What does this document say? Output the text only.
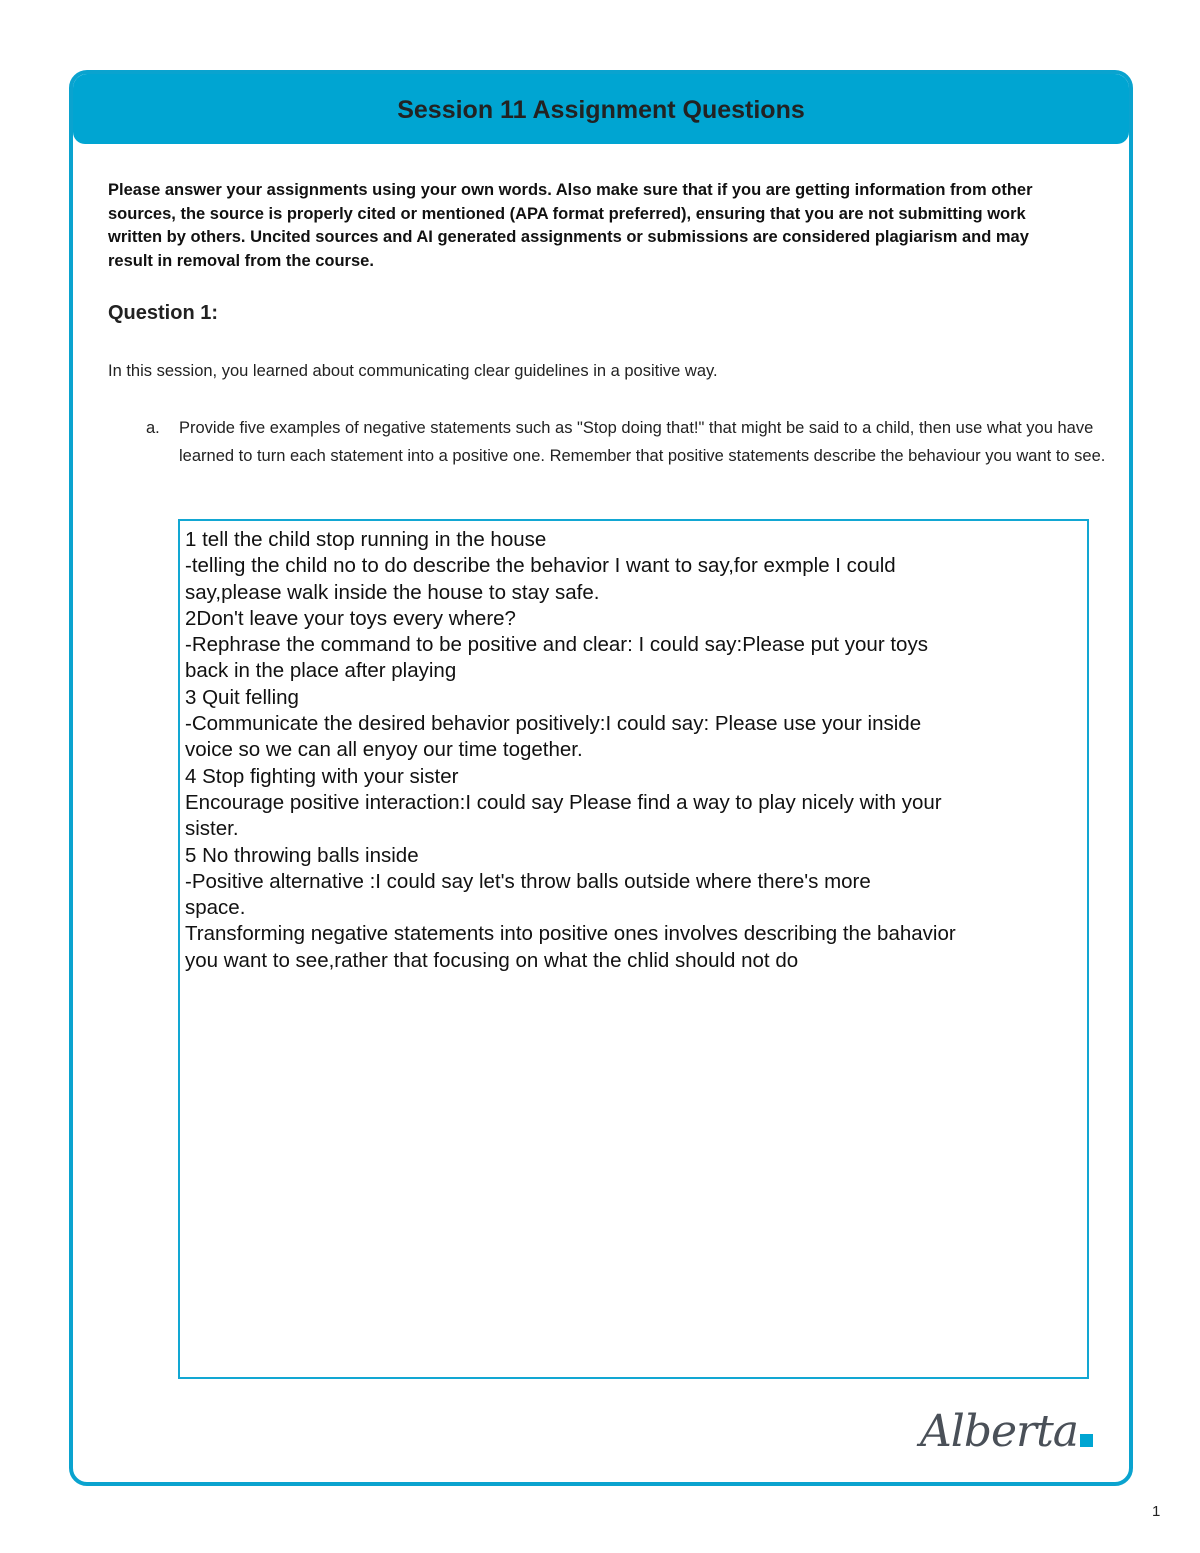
Session 11 Assignment Questions
Please answer your assignments using your own words. Also make sure that if you are getting information from other sources, the source is properly cited or mentioned (APA format preferred), ensuring that you are not submitting work written by others. Uncited sources and AI generated assignments or submissions are considered plagiarism and may result in removal from the course.
Question 1:
In this session, you learned about communicating clear guidelines in a positive way.
a.	Provide five examples of negative statements such as "Stop doing that!" that might be said to a child, then use what you have learned to turn each statement into a positive one. Remember that positive statements describe the behaviour you want to see.
1 tell the child stop running in the house
-telling the child no to do describe the behavior I want to say,for exmple I could
say,please walk inside the house to stay safe.
2Don't leave your toys every where?
-Rephrase the command to be positive and clear: I could say:Please put your toys
back in the place after playing
3 Quit felling
-Communicate the desired behavior positively:I could say: Please use your inside
voice so we can all enyoy our time together.
4 Stop fighting with your sister
Encourage positive interaction:I could say Please find a way to play nicely with your
sister.
5 No throwing balls inside
-Positive alternative :I could say let's throw balls outside where there's more
space.
Transforming negative statements into positive ones involves describing the bahavior
you want to see,rather that focusing on what the chlid should not do
Alberta
1
